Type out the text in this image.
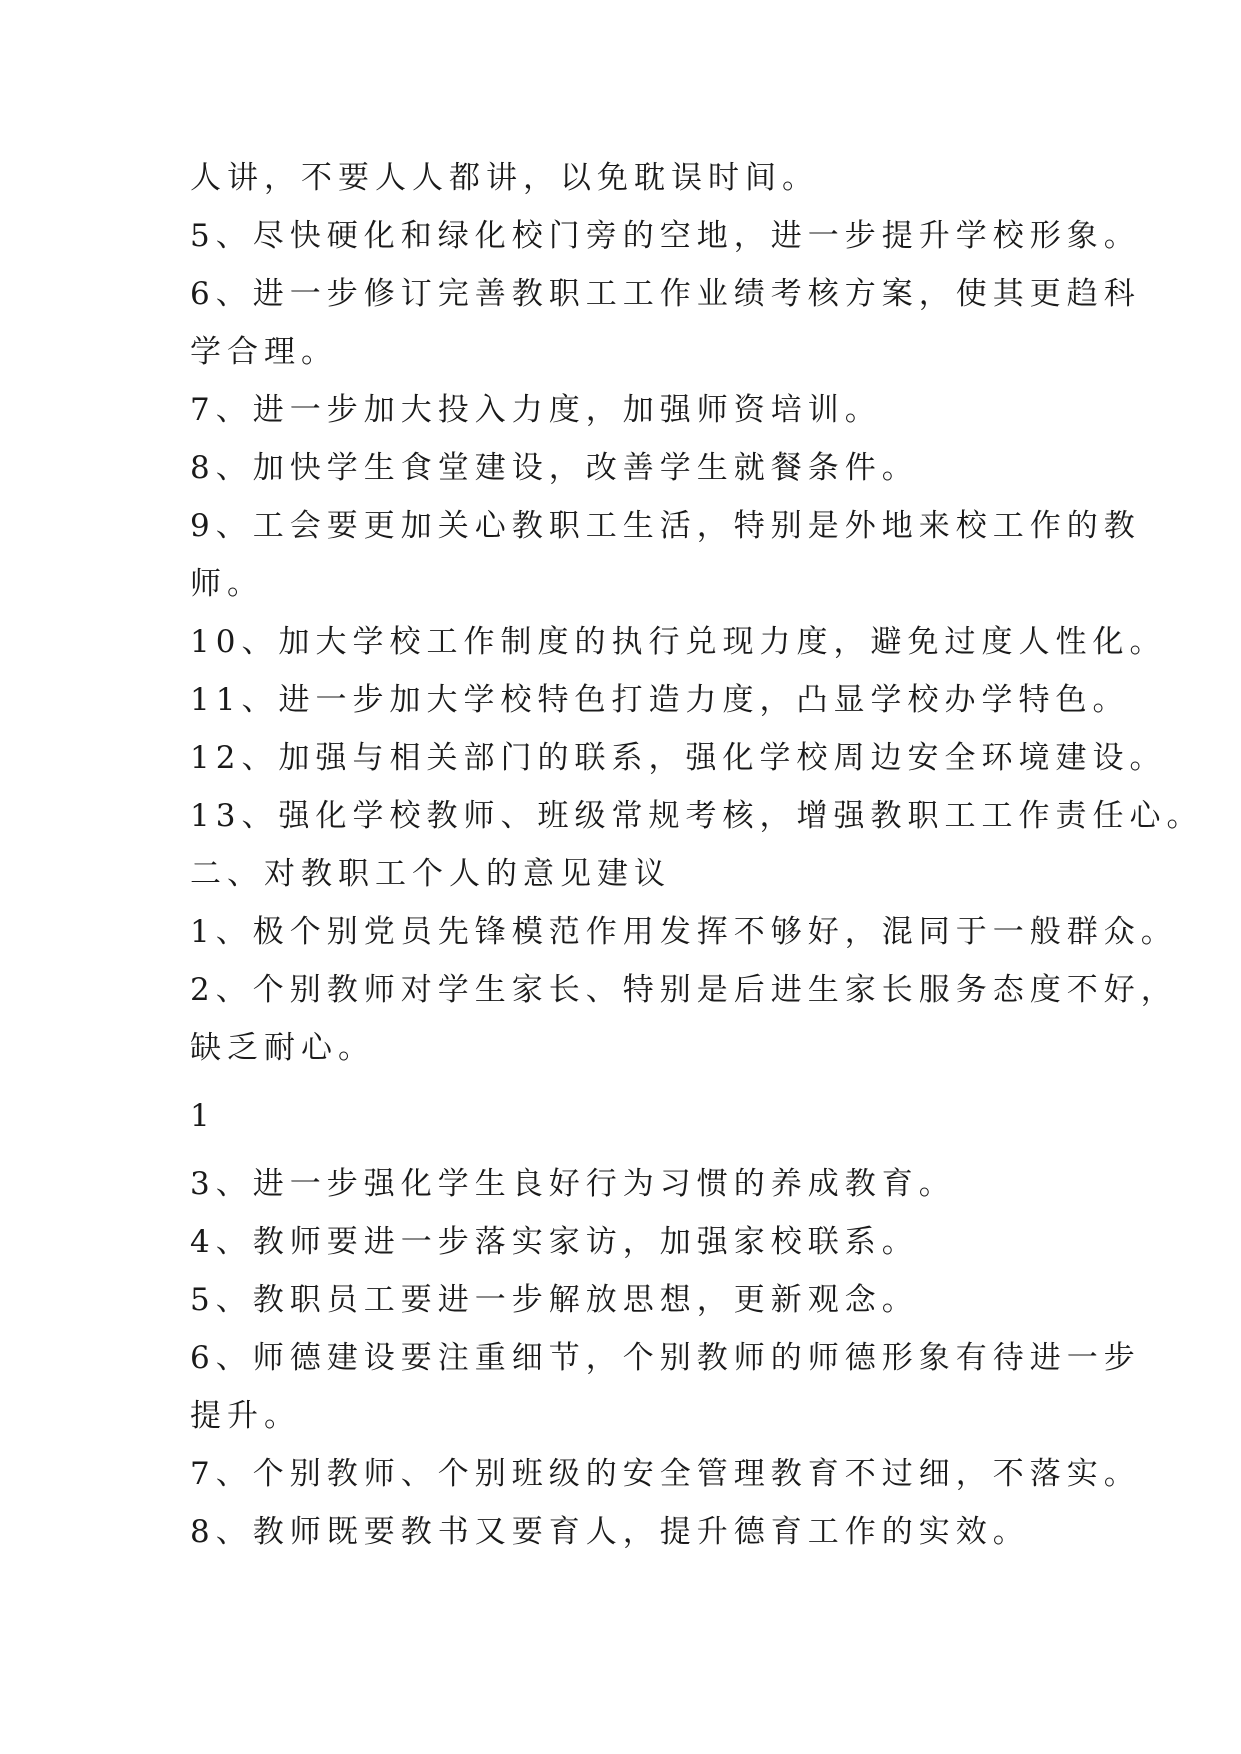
人讲，不要人人都讲，以免耽误时间。
5、尽快硬化和绿化校门旁的空地，进一步提升学校形象。
6、进一步修订完善教职工工作业绩考核方案，使其更趋科
学合理。
7、进一步加大投入力度，加强师资培训。
8、加快学生食堂建设，改善学生就餐条件。
9、工会要更加关心教职工生活，特别是外地来校工作的教
师。
10、加大学校工作制度的执行兑现力度，避免过度人性化。
11、进一步加大学校特色打造力度，凸显学校办学特色。
12、加强与相关部门的联系，强化学校周边安全环境建设。
13、强化学校教师、班级常规考核，增强教职工工作责任心。
二、对教职工个人的意见建议
1、极个别党员先锋模范作用发挥不够好，混同于一般群众。
2、个别教师对学生家长、特别是后进生家长服务态度不好，
缺乏耐心。
1
3、进一步强化学生良好行为习惯的养成教育。
4、教师要进一步落实家访，加强家校联系。
5、教职员工要进一步解放思想，更新观念。
6、师德建设要注重细节，个别教师的师德形象有待进一步
提升。
7、个别教师、个别班级的安全管理教育不过细，不落实。
8、教师既要教书又要育人，提升德育工作的实效。
